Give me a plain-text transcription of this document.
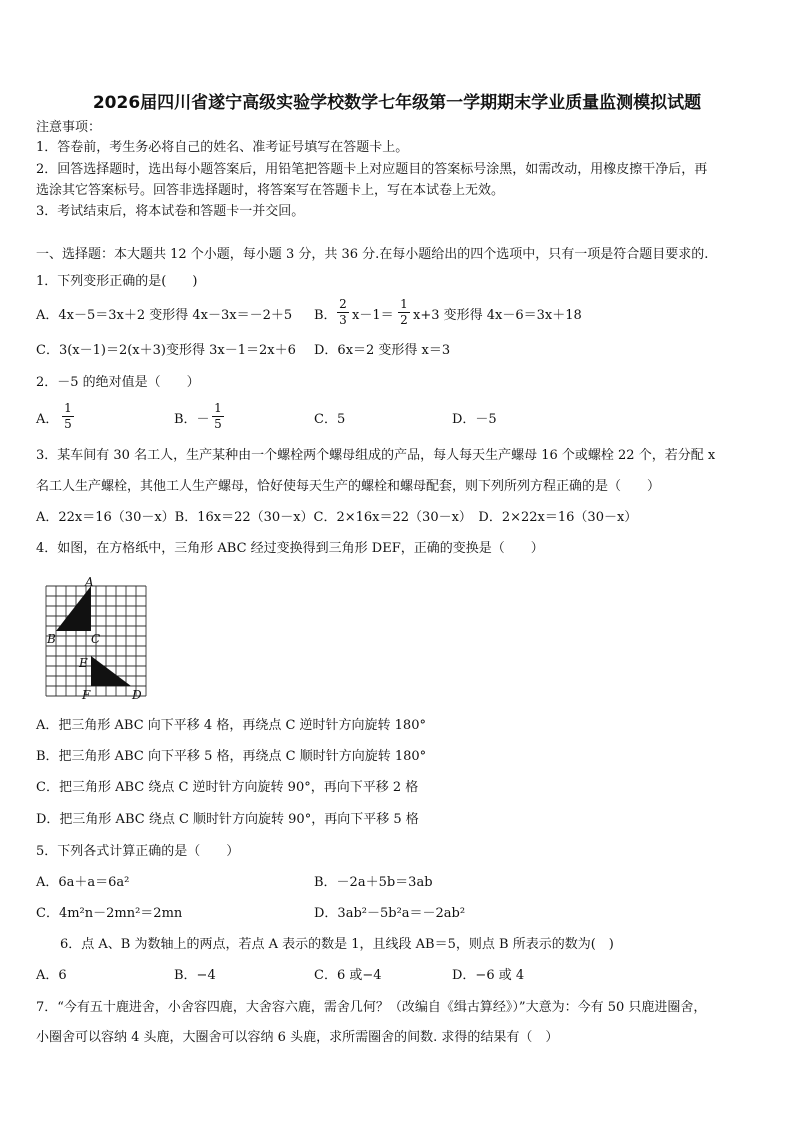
2026届四川省遂宁高级实验学校数学七年级第一学期期末学业质量监测模拟试题
注意事项：
1．答卷前，考生务必将自己的姓名、准考证号填写在答题卡上。
2．回答选择题时，选出每小题答案后，用铅笔把答题卡上对应题目的答案标号涂黑，如需改动，用橡皮擦干净后，再
选涂其它答案标号。回答非选择题时，将答案写在答题卡上，写在本试卷上无效。
3．考试结束后，将本试卷和答题卡一并交回。
一、选择题：本大题共 12 个小题，每小题 3 分，共 36 分.在每小题给出的四个选项中，只有一项是符合题目要求的.
1．下列变形正确的是(　　)
A．4x－5＝3x＋2 变形得 4x－3x＝－2＋5 B．
2
3 x－1＝
1
2 x+3 变形得 4x－6＝3x＋18
C．3(x－1)＝2(x＋3)变形得 3x－1＝2x＋6 D．6x＝2 变形得 x＝3
2．－5 的绝对值是（　　）
A．
1
5	B．－
1
5	C．5	D．－5
3．某车间有 30 名工人，生产某种由一个螺栓两个螺母组成的产品，每人每天生产螺母 16 个或螺栓 22 个，若分配 x
名工人生产螺栓，其他工人生产螺母，恰好使每天生产的螺栓和螺母配套，则下列所列方程正确的是（　　）
A．22x＝16（30－x）B．16x＝22（30－x）C．2×16x＝22（30－x）　D．2×22x＝16（30－x）
4．如图，在方格纸中，三角形 ABC 经过变换得到三角形 DEF，正确的变换是（　　）
A
B	C
E
F	D
A．把三角形 ABC 向下平移 4 格，再绕点 C 逆时针方向旋转 180°
B．把三角形 ABC 向下平移 5 格，再绕点 C 顺时针方向旋转 180°
C．把三角形 ABC 绕点 C 逆时针方向旋转 90°，再向下平移 2 格
D．把三角形 ABC 绕点 C 顺时针方向旋转 90°，再向下平移 5 格
5．下列各式计算正确的是（　　）
A．6a＋a＝6a²	B．－2a＋5b＝3ab
C．4m²n－2mn²＝2mn	D．3ab²－5b²a＝－2ab²
6．点 A、B 为数轴上的两点，若点 A 表示的数是 1，且线段 AB＝5，则点 B 所表示的数为(　)
A．6	B．−4	C．6 或−4	D．−6 或 4
7．“今有五十鹿进舍，小舍容四鹿，大舍容六鹿，需舍几何？（改编自《缉古算经》）”大意为：今有 50 只鹿进圈舍，
小圈舍可以容纳 4 头鹿，大圈舍可以容纳 6 头鹿，求所需圈舍的间数. 求得的结果有（　）
